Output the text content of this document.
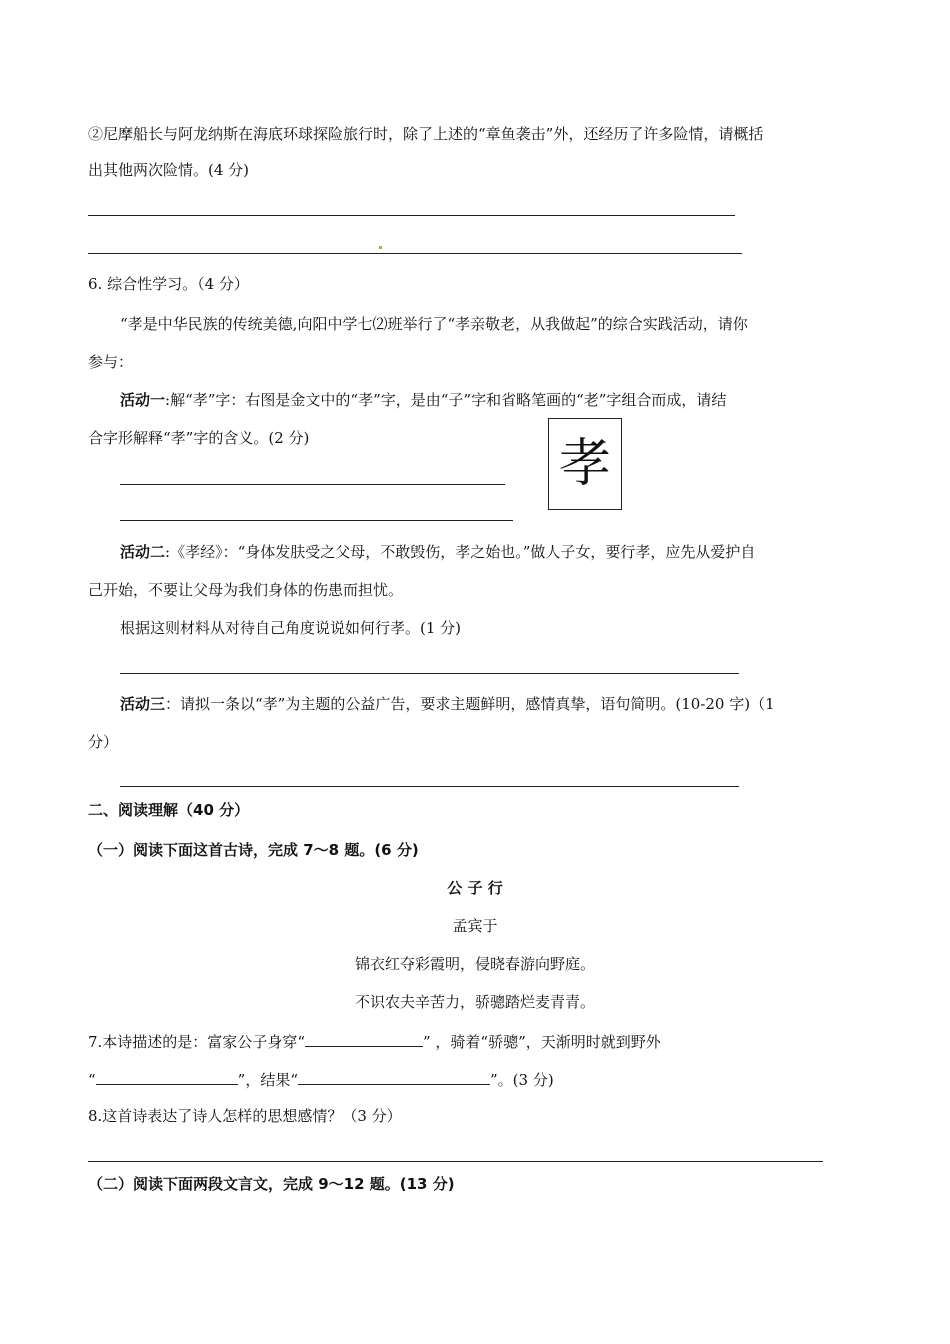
②尼摩船长与阿龙纳斯在海底环球探险旅行时，除了上述的“章鱼袭击”外，还经历了许多险情，请概括
出其他两次险情。(4 分)
6. 综合性学习。（4 分）
“孝是中华民族的传统美德,向阳中学七⑵班举行了“孝亲敬老，从我做起”的综合实践活动，请你
参与：
活动一:解“孝”字：右图是金文中的“孝”字，是由“子”字和省略笔画的“老”字组合而成，请结
合字形解释“孝”字的含义。(2 分)	孝
活动二:《孝经》：“身体发肤受之父母，不敢毁伤，孝之始也。”做人子女，要行孝，应先从爱护自
己开始，不要让父母为我们身体的伤患而担忧。
根据这则材料从对待自己角度说说如何行孝。(1 分)
活动三：请拟一条以“孝”为主题的公益广告，要求主题鲜明，感情真挚，语句简明。(10-20 字)（1
分）
二、阅读理解（40 分）
（一）阅读下面这首古诗，完成 7～8 题。(6 分)
公 子 行
孟宾于
锦衣红夺彩霞明，侵晓春游向野庭。
不识农夫辛苦力，骄骢踏烂麦青青。
7.本诗描述的是：富家公子身穿“	” ，骑着“骄骢”，天渐明时就到野外
“	”，结果“	”。(3 分)
8.这首诗表达了诗人怎样的思想感情？（3 分）
（二）阅读下面两段文言文，完成 9～12 题。(13 分)
